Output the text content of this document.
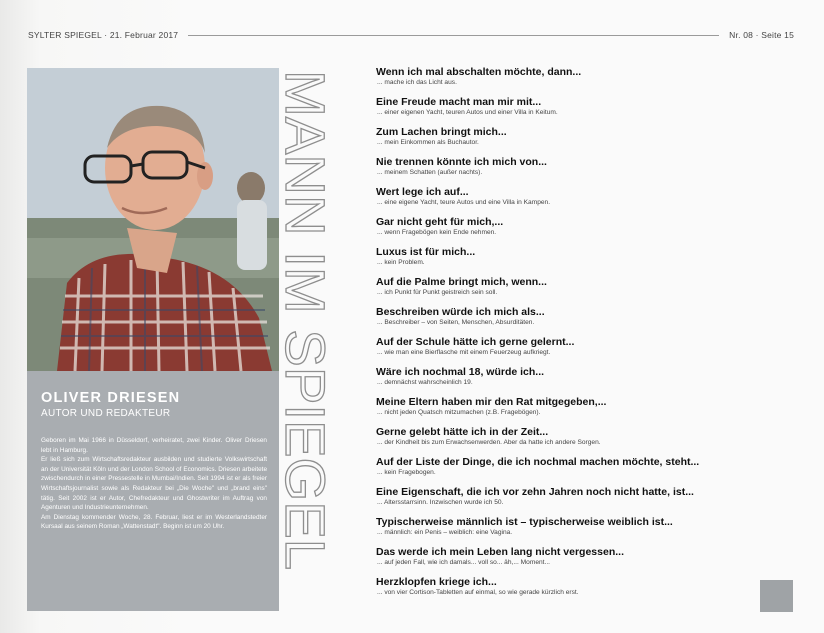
SYLTER SPIEGEL · 21. Februar 2017	Nr. 08 · Seite 15
OLIVER DRIESEN
AUTOR UND REDAKTEUR

Geboren im Mai 1966 in Düsseldorf, verheiratet, zwei Kinder. Oliver Driesen lebt in Hamburg.

Er ließ sich zum Wirtschaftsredakteur ausbilden und studierte Volkswirtschaft an der Universität Köln und der London School of Economics. Driesen arbeitete zwischendurch in einer Pressestelle in Mumbai/Indien. Seit 1994 ist er als freier Wirtschaftsjournalist sowie als Redakteur bei „Die Woche" und „brand eins" tätig. Seit 2002 ist er Autor, Chefredakteur und Ghostwriter im Auftrag von Agenturen und Industrieunternehmen.

Am Dienstag kommender Woche, 28. Februar, liest er im Westerlandstedter Kursaal aus seinem Roman „Wattenstadt". Beginn ist um 20 Uhr. MANN IM SPIEGEL	Wenn ich mal abschalten möchte, dann...

... mache ich das Licht aus.

Eine Freude macht man mir mit...

... einer eigenen Yacht, teuren Autos und einer Villa in Keitum.

Zum Lachen bringt mich...

... mein Einkommen als Buchautor.

Nie trennen könnte ich mich von...

... meinem Schatten (außer nachts).

Wert lege ich auf...

... eine eigene Yacht, teure Autos und eine Villa in Kampen.

Gar nicht geht für mich,...

... wenn Fragebögen kein Ende nehmen.

Luxus ist für mich...

... kein Problem.

Auf die Palme bringt mich, wenn...

... ich Punkt für Punkt geistreich sein soll.

Beschreiben würde ich mich als...

... Beschreiber – von Seiten, Menschen, Absurditäten.

Auf der Schule hätte ich gerne gelernt...

... wie man eine Bierflasche mit einem Feuerzeug aufkriegt.

Wäre ich nochmal 18, würde ich...

... demnächst wahrscheinlich 19.

Meine Eltern haben mir den Rat mitgegeben,...

... nicht jeden Quatsch mitzumachen (z.B. Fragebögen).

Gerne gelebt hätte ich in der Zeit...

... der Kindheit bis zum Erwachsenwerden. Aber da hatte ich andere Sorgen.

Auf der Liste der Dinge, die ich nochmal machen möchte, steht...

... kein Fragebogen.

Eine Eigenschaft, die ich vor zehn Jahren noch nicht hatte, ist...

... Altersstarrsinn. Inzwischen wurde ich 50.

Typischerweise männlich ist – typischerweise weiblich ist...

... männlich: ein Penis – weiblich: eine Vagina.

Das werde ich mein Leben lang nicht vergessen...

... auf jeden Fall, wie ich damals... voll so... äh,... Moment...

Herzklopfen kriege ich...

... von vier Cortison-Tabletten auf einmal, so wie gerade kürzlich erst.
